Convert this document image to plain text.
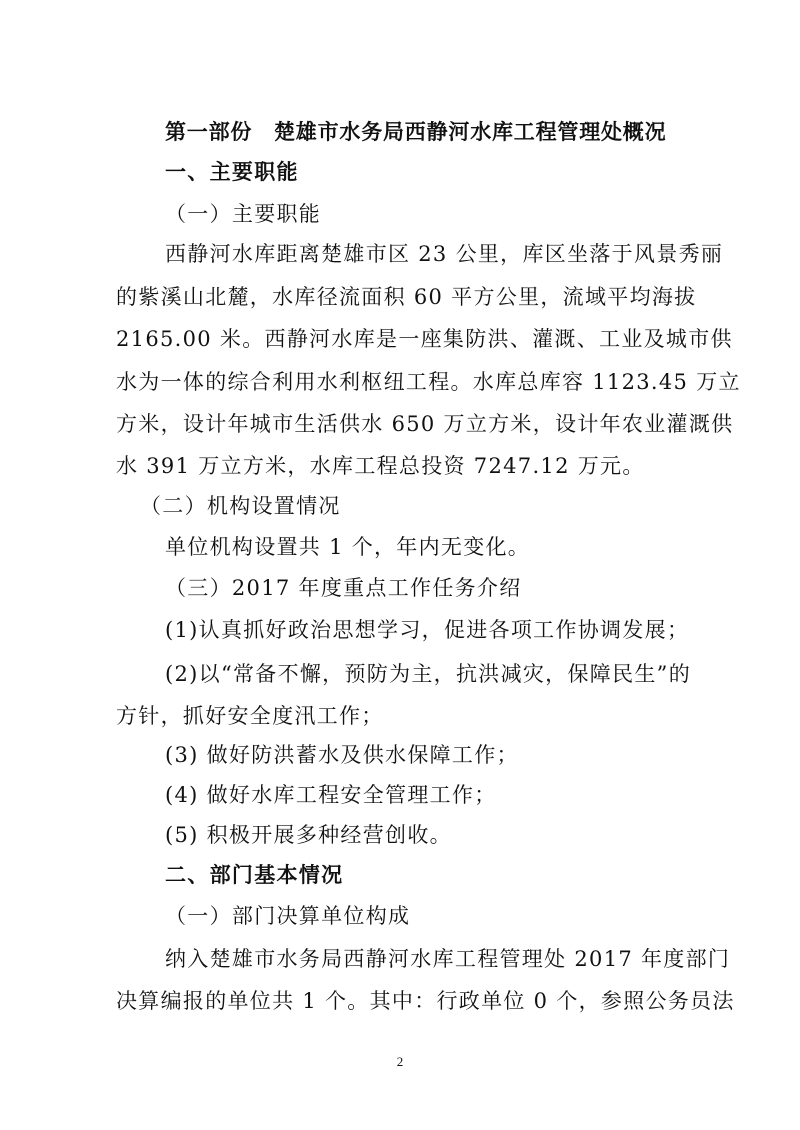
第一部份　楚雄市水务局西静河水库工程管理处概况
一、主要职能
（一）主要职能
西静河水库距离楚雄市区 23 公里，库区坐落于风景秀丽
的紫溪山北麓，水库径流面积 60 平方公里，流域平均海拔
2165.00 米。西静河水库是一座集防洪、灌溉、工业及城市供
水为一体的综合利用水利枢纽工程。水库总库容 1123.45 万立
方米，设计年城市生活供水 650 万立方米，设计年农业灌溉供
水 391 万立方米，水库工程总投资 7247.12 万元。
（二）机构设置情况
单位机构设置共 1 个，年内无变化。
（三）2017 年度重点工作任务介绍
(1)认真抓好政治思想学习，促进各项工作协调发展；
(2)以“常备不懈，预防为主，抗洪减灾，保障民生”的
方针，抓好安全度汛工作；
(3) 做好防洪蓄水及供水保障工作；
(4) 做好水库工程安全管理工作；
(5) 积极开展多种经营创收。
二、部门基本情况
（一）部门决算单位构成
纳入楚雄市水务局西静河水库工程管理处 2017 年度部门
决算编报的单位共 1 个。其中：行政单位 0 个，参照公务员法
2
